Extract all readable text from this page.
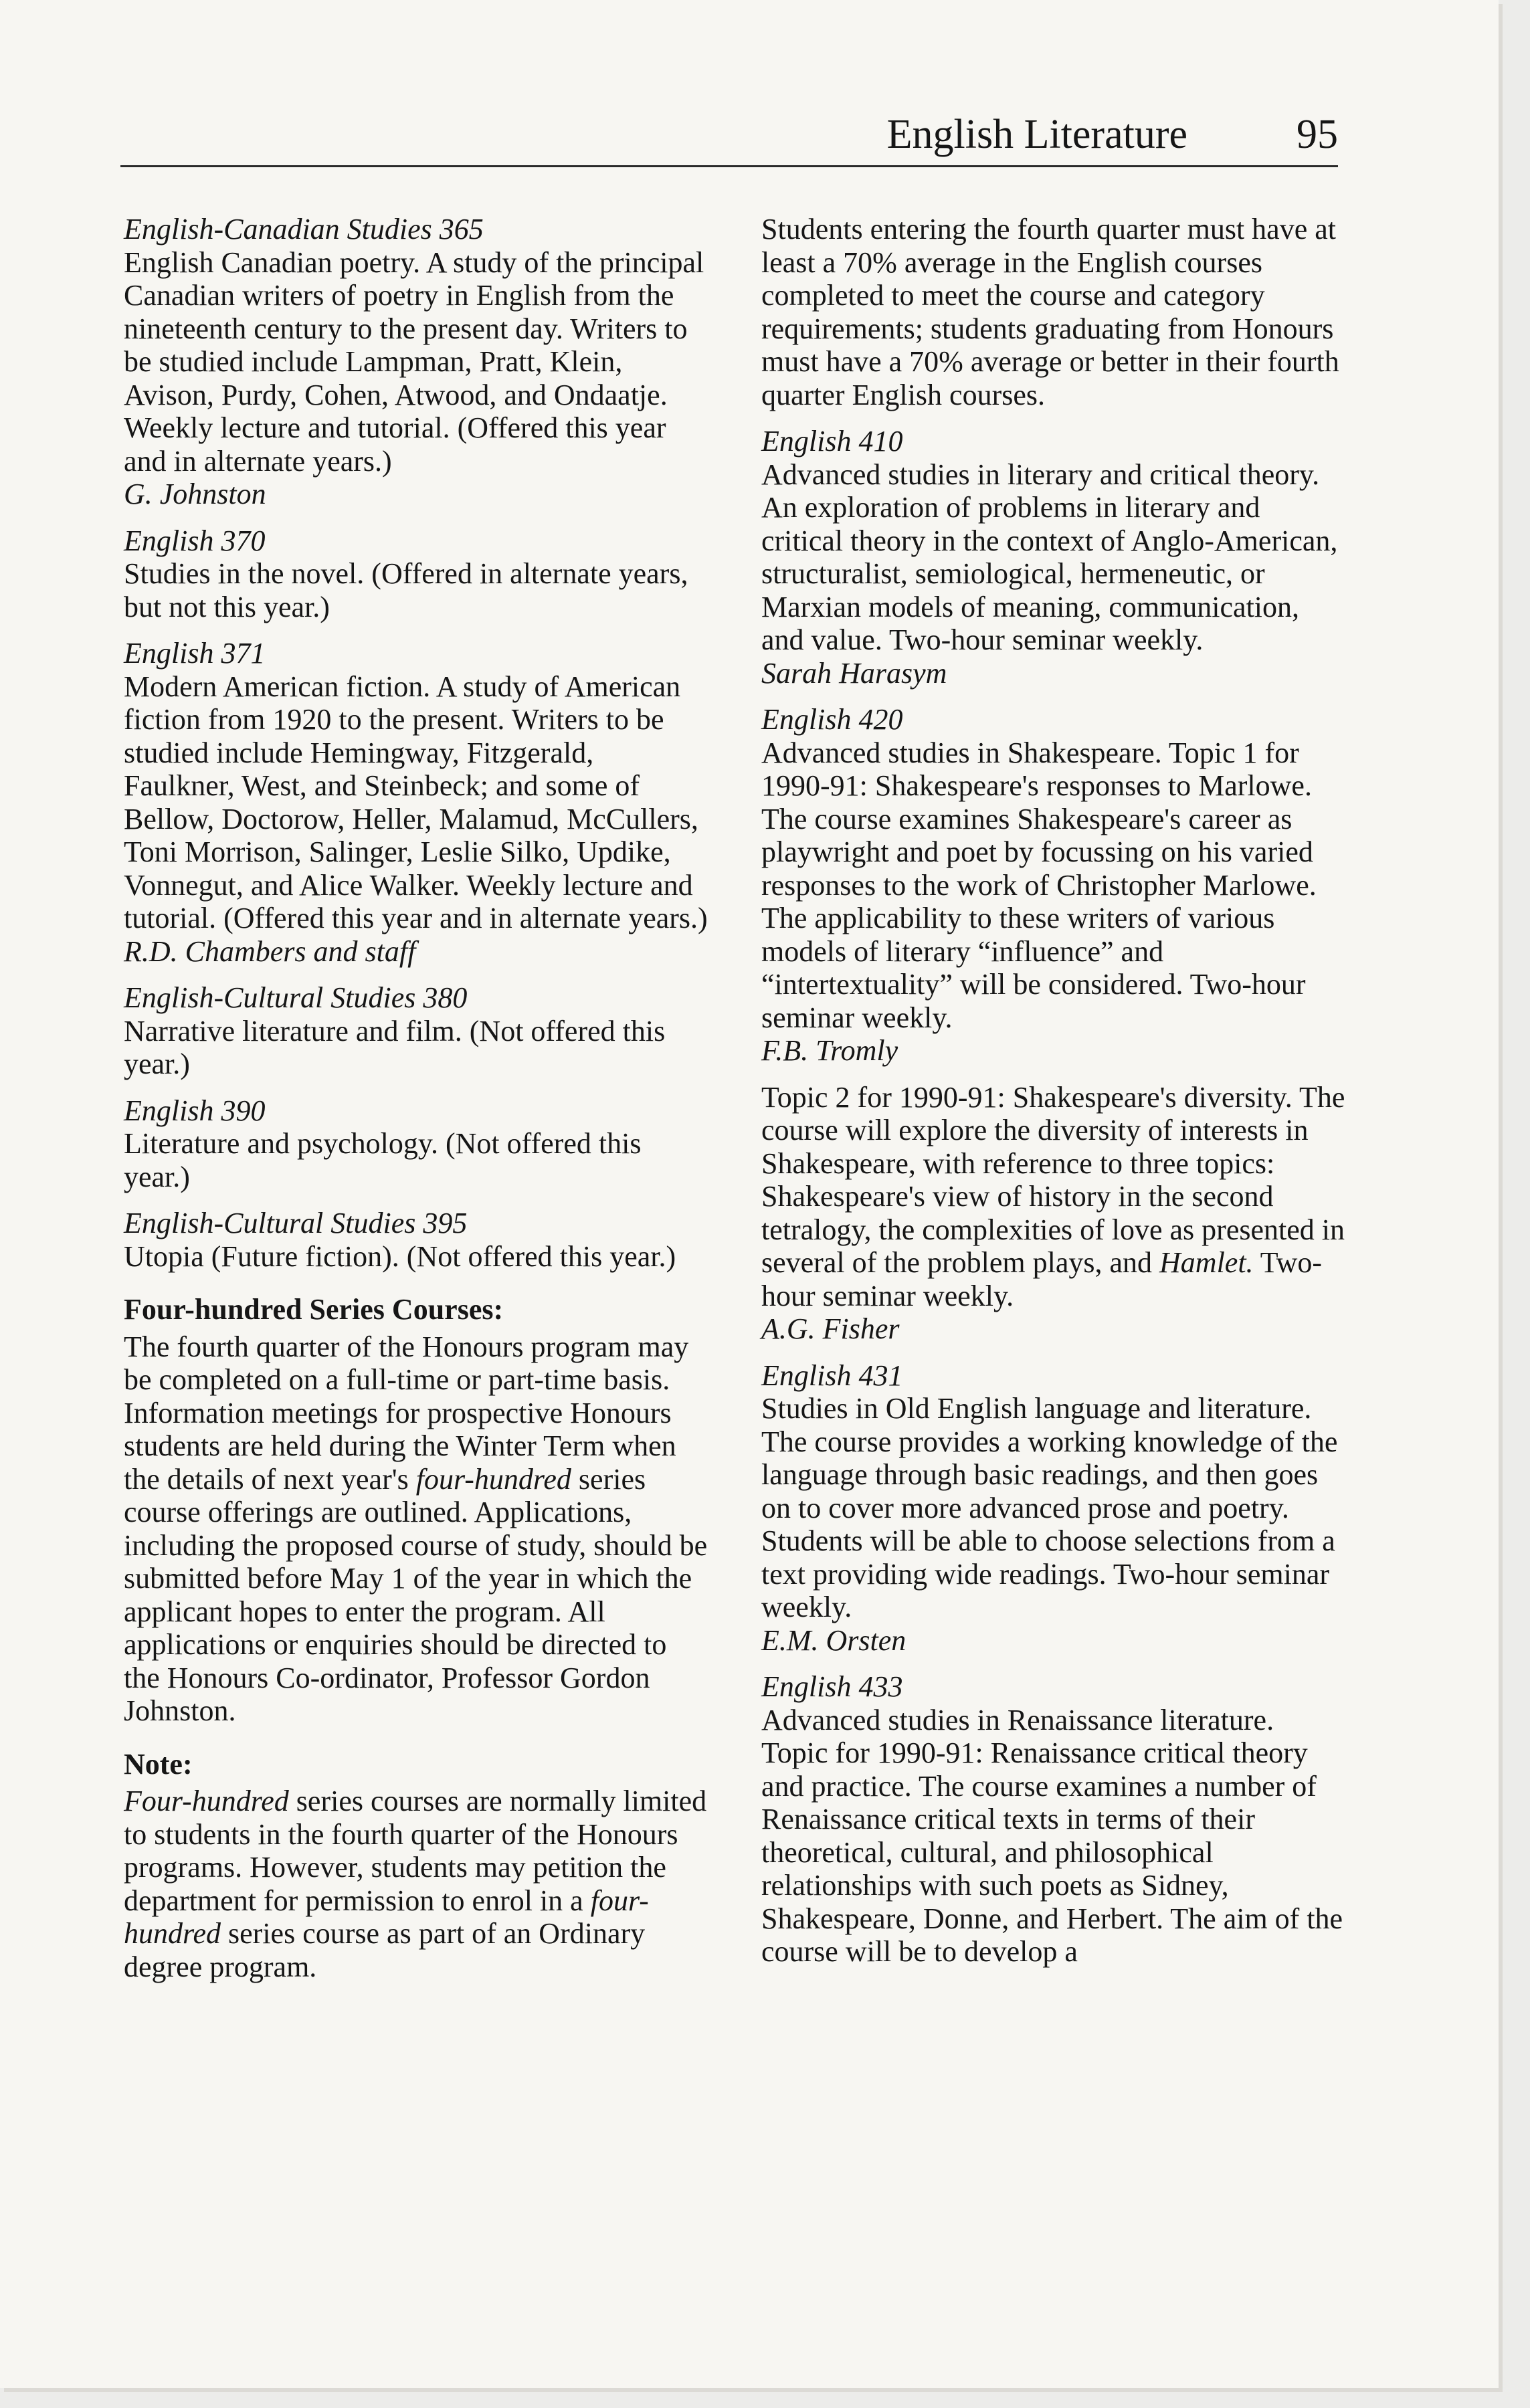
English Literature	95
English-Canadian Studies 365
English Canadian poetry. A study of the principal Canadian writers of poetry in English from the nineteenth century to the present day. Writers to be studied include Lampman, Pratt, Klein, Avison, Purdy, Cohen, Atwood, and Ondaatje. Weekly lecture and tutorial. (Offered this year and in alternate years.)
G. Johnston
English 370
Studies in the novel. (Offered in alternate years, but not this year.)
English 371
Modern American fiction. A study of American fiction from 1920 to the present. Writers to be studied include Hemingway, Fitzgerald, Faulkner, West, and Steinbeck; and some of Bellow, Doctorow, Heller, Malamud, McCullers, Toni Morrison, Salinger, Leslie Silko, Updike, Vonnegut, and Alice Walker. Weekly lecture and tutorial. (Offered this year and in alternate years.)
R.D. Chambers and staff
English-Cultural Studies 380
Narrative literature and film. (Not offered this year.)
English 390
Literature and psychology. (Not offered this year.)
English-Cultural Studies 395
Utopia (Future fiction). (Not offered this year.)
Four-hundred Series Courses:
The fourth quarter of the Honours program may be completed on a full-time or part-time basis. Information meetings for prospective Honours students are held during the Winter Term when the details of next year's four-hundred series course offerings are outlined. Applications, including the proposed course of study, should be submitted before May 1 of the year in which the applicant hopes to enter the program. All applications or enquiries should be directed to the Honours Co-ordinator, Professor Gordon Johnston.
Note:
Four-hundred series courses are normally limited to students in the fourth quarter of the Honours programs. However, students may petition the department for permission to enrol in a four-hundred series course as part of an Ordinary degree program.
Students entering the fourth quarter must have at least a 70% average in the English courses completed to meet the course and category requirements; students graduating from Honours must have a 70% average or better in their fourth quarter English courses.
English 410
Advanced studies in literary and critical theory. An exploration of problems in literary and critical theory in the context of Anglo-American, structuralist, semiological, hermeneutic, or Marxian models of meaning, communication, and value. Two-hour seminar weekly.
Sarah Harasym
English 420
Advanced studies in Shakespeare. Topic 1 for 1990-91: Shakespeare's responses to Marlowe. The course examines Shakespeare's career as playwright and poet by focussing on his varied responses to the work of Christopher Marlowe. The applicability to these writers of various models of literary “influence” and “intertextuality” will be considered. Two-hour seminar weekly.
F.B. Tromly
Topic 2 for 1990-91: Shakespeare's diversity. The course will explore the diversity of interests in Shakespeare, with reference to three topics: Shakespeare's view of history in the second tetralogy, the complexities of love as presented in several of the problem plays, and Hamlet. Two-hour seminar weekly.
A.G. Fisher
English 431
Studies in Old English language and literature. The course provides a working knowledge of the language through basic readings, and then goes on to cover more advanced prose and poetry. Students will be able to choose selections from a text providing wide readings. Two-hour seminar weekly.
E.M. Orsten
English 433
Advanced studies in Renaissance literature. Topic for 1990-91: Renaissance critical theory and practice. The course examines a number of Renaissance critical texts in terms of their theoretical, cultural, and philosophical relationships with such poets as Sidney, Shakespeare, Donne, and Herbert. The aim of the course will be to develop a
